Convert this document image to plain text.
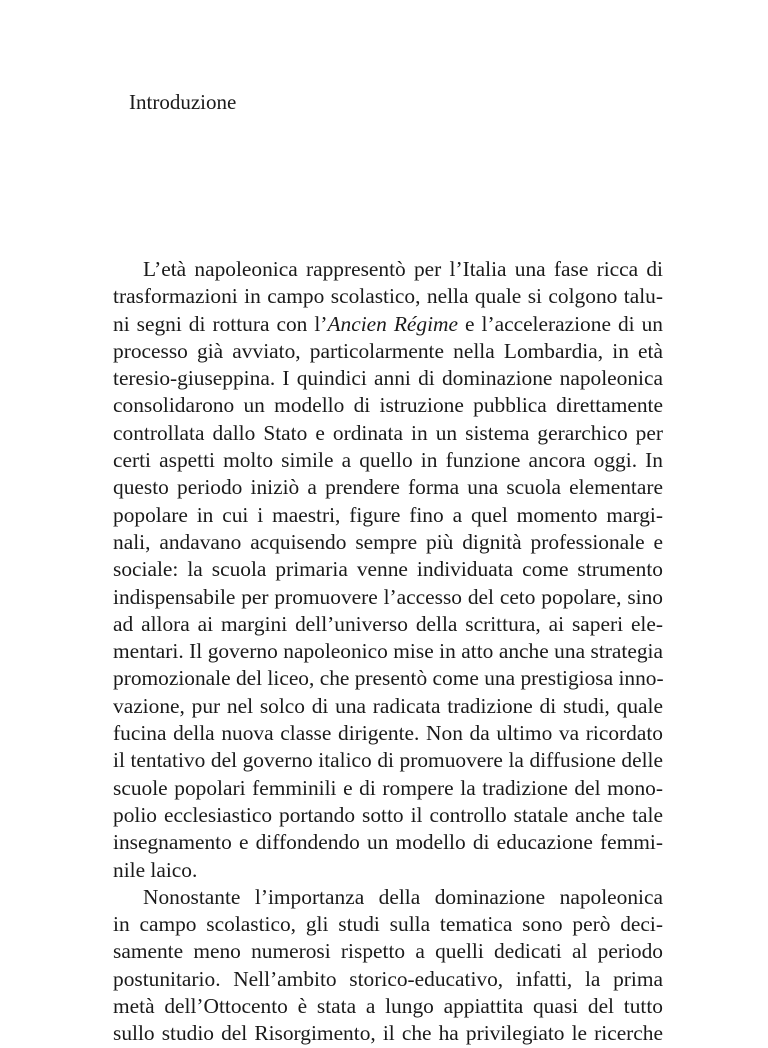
Introduzione
L’età napoleonica rappresentò per l’Italia una fase ricca di
trasformazioni in campo scolastico, nella quale si colgono talu-
ni segni di rottura con l’Ancien Régime e l’accelerazione di un
processo già avviato, particolarmente nella Lombardia, in età
teresio-giuseppina. I quindici anni di dominazione napoleonica
consolidarono un modello di istruzione pubblica direttamente
controllata dallo Stato e ordinata in un sistema gerarchico per
certi aspetti molto simile a quello in funzione ancora oggi. In
questo periodo iniziò a prendere forma una scuola elementare
popolare in cui i maestri, figure fino a quel momento margi-
nali, andavano acquisendo sempre più dignità professionale e
sociale: la scuola primaria venne individuata come strumento
indispensabile per promuovere l’accesso del ceto popolare, sino
ad allora ai margini dell’universo della scrittura, ai saperi ele-
mentari. Il governo napoleonico mise in atto anche una strategia
promozionale del liceo, che presentò come una prestigiosa inno-
vazione, pur nel solco di una radicata tradizione di studi, quale
fucina della nuova classe dirigente. Non da ultimo va ricordato
il tentativo del governo italico di promuovere la diffusione delle
scuole popolari femminili e di rompere la tradizione del mono-
polio ecclesiastico portando sotto il controllo statale anche tale
insegnamento e diffondendo un modello di educazione femmi-
nile laico.
Nonostante l’importanza della dominazione napoleonica
in campo scolastico, gli studi sulla tematica sono però deci-
samente meno numerosi rispetto a quelli dedicati al periodo
postunitario. Nell’ambito storico-educativo, infatti, la prima
metà dell’Ottocento è stata a lungo appiattita quasi del tutto
sullo studio del Risorgimento, il che ha privilegiato le ricerche
